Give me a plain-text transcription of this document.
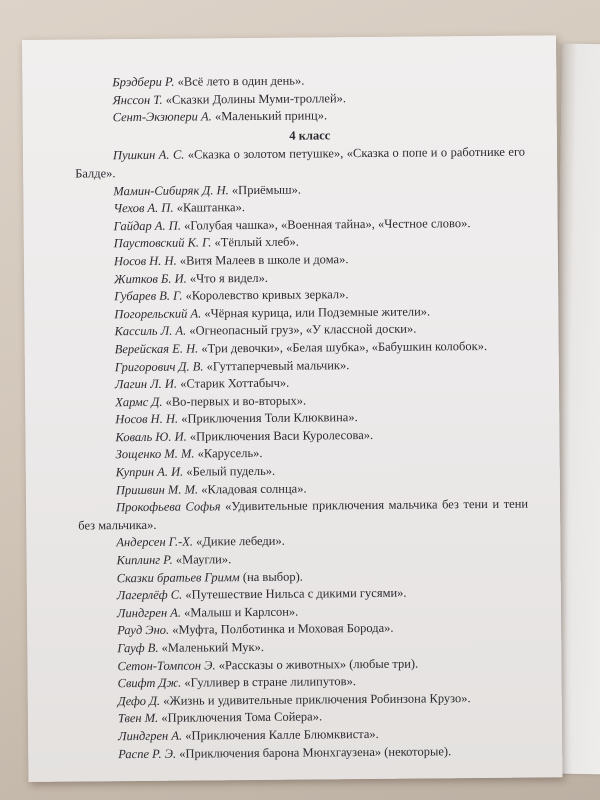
Брэдбери Р. «Всё лето в один день».
Янссон Т. «Сказки Долины Муми-троллей».
Сент-Экзюпери А. «Маленький принц».
4 класс
Пушкин А. С. «Сказка о золотом петушке», «Сказка о попе и о работнике его Балде».
Мамин-Сибиряк Д. Н. «Приёмыш».
Чехов А. П. «Каштанка».
Гайдар А. П. «Голубая чашка», «Военная тайна», «Честное слово».
Паустовский К. Г. «Тёплый хлеб».
Носов Н. Н. «Витя Малеев в школе и дома».
Житков Б. И. «Что я видел».
Губарев В. Г. «Королевство кривых зеркал».
Погорельский А. «Чёрная курица, или Подземные жители».
Кассиль Л. А. «Огнеопасный груз», «У классной доски».
Верейская Е. Н. «Три девочки», «Белая шубка», «Бабушкин колобок».
Григорович Д. В. «Гуттаперчевый мальчик».
Лагин Л. И. «Старик Хоттабыч».
Хармс Д. «Во-первых и во-вторых».
Носов Н. Н. «Приключения Толи Клюквина».
Коваль Ю. И. «Приключения Васи Куролесова».
Зощенко М. М. «Карусель».
Куприн А. И. «Белый пудель».
Пришвин М. М. «Кладовая солнца».
Прокофьева Софья «Удивительные приключения мальчика без тени и тени без мальчика».
Андерсен Г.-Х. «Дикие лебеди».
Киплинг Р. «Маугли».
Сказки братьев Гримм (на выбор).
Лагерлёф С. «Путешествие Нильса с дикими гусями».
Линдгрен А. «Малыш и Карлсон».
Рауд Эно. «Муфта, Полботинка и Моховая Борода».
Гауф В. «Маленький Мук».
Сетон-Томпсон Э. «Рассказы о животных» (любые три).
Свифт Дж. «Гулливер в стране лилипутов».
Дефо Д. «Жизнь и удивительные приключения Робинзона Крузо».
Твен М. «Приключения Тома Сойера».
Линдгрен А. «Приключения Калле Блюмквиста».
Распе Р. Э. «Приключения барона Мюнхгаузена» (некоторые).
